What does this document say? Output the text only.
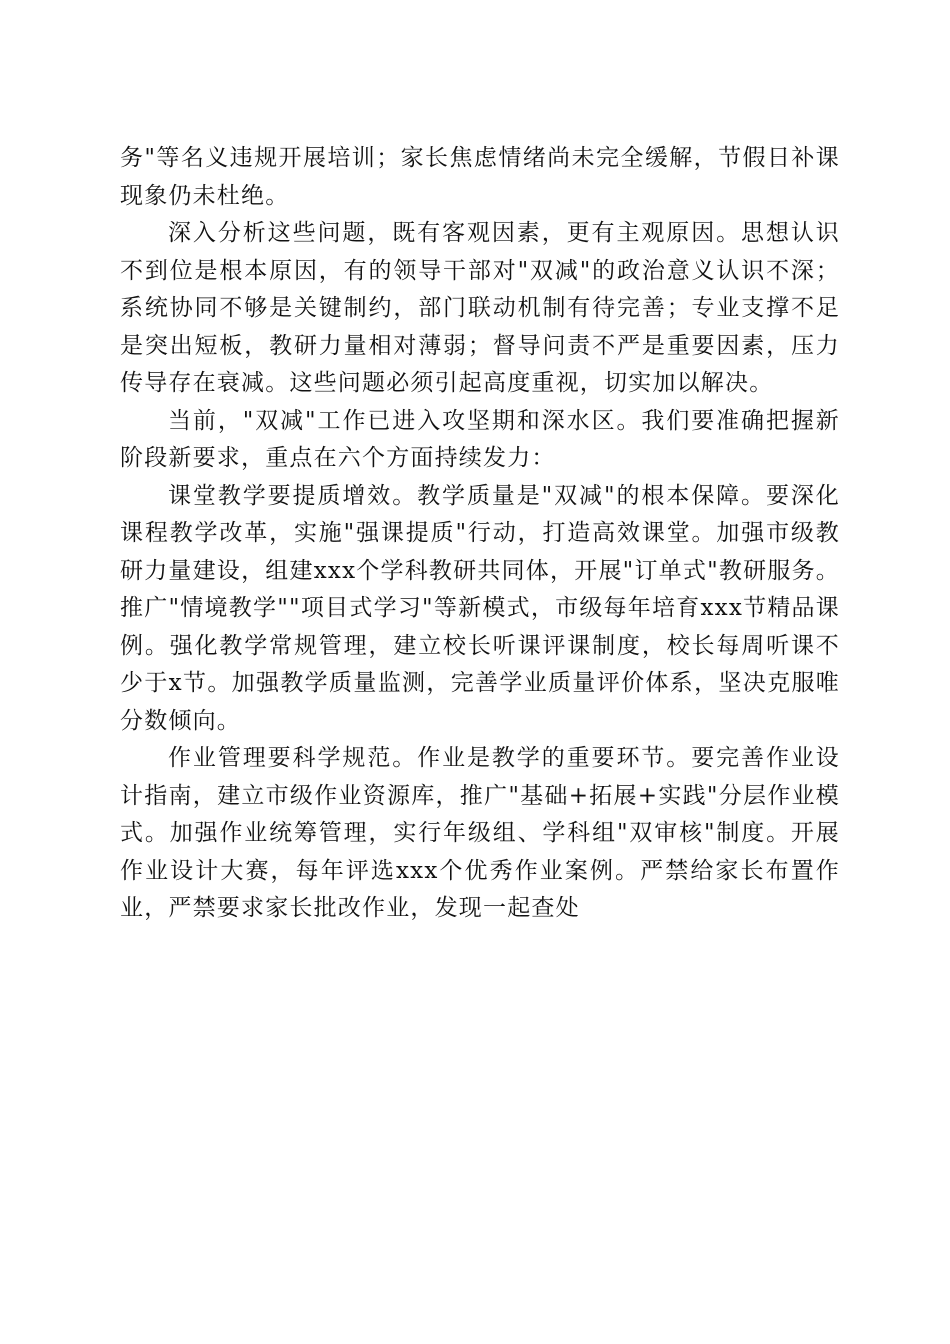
务"等名义违规开展培训；家长焦虑情绪尚未完全缓解，节假日补课现象仍未杜绝。

深入分析这些问题，既有客观因素，更有主观原因。思想认识不到位是根本原因，有的领导干部对"双减"的政治意义认识不深；系统协同不够是关键制约，部门联动机制有待完善；专业支撑不足是突出短板，教研力量相对薄弱；督导问责不严是重要因素，压力传导存在衰减。这些问题必须引起高度重视，切实加以解决。

当前，"双减"工作已进入攻坚期和深水区。我们要准确把握新阶段新要求，重点在六个方面持续发力：

课堂教学要提质增效。教学质量是"双减"的根本保障。要深化课程教学改革，实施"强课提质"行动，打造高效课堂。加强市级教研力量建设，组建xxx个学科教研共同体，开展"订单式"教研服务。推广"情境教学""项目式学习"等新模式，市级每年培育xxx节精品课例。强化教学常规管理，建立校长听课评课制度，校长每周听课不少于x节。加强教学质量监测，完善学业质量评价体系，坚决克服唯分数倾向。

作业管理要科学规范。作业是教学的重要环节。要完善作业设计指南，建立市级作业资源库，推广"基础+拓展+实践"分层作业模式。加强作业统筹管理，实行年级组、学科组"双审核"制度。开展作业设计大赛，每年评选xxx个优秀作业案例。严禁给家长布置作业，严禁要求家长批改作业，发现一起查处
